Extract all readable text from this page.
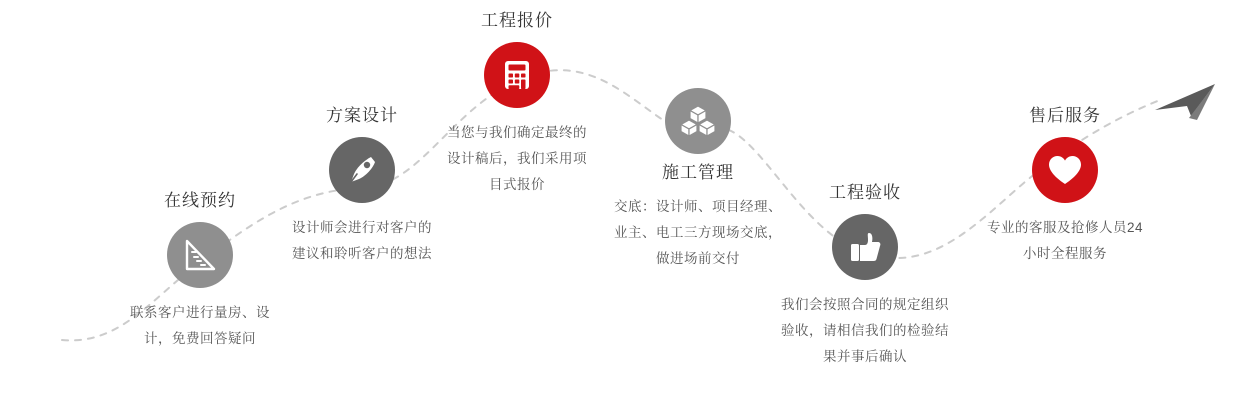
在线预约
联系客户进行量房、设计，免费回答疑问
方案设计
设计师会进行对客户的建议和聆听客户的想法
工程报价
当您与我们确定最终的设计稿后，我们采用项目式报价
施工管理
交底：设计师、项目经理、业主、电工三方现场交底，做进场前交付
工程验收
我们会按照合同的规定组织验收，请相信我们的检验结果并事后确认
售后服务
专业的客服及抢修人员24小时全程服务
